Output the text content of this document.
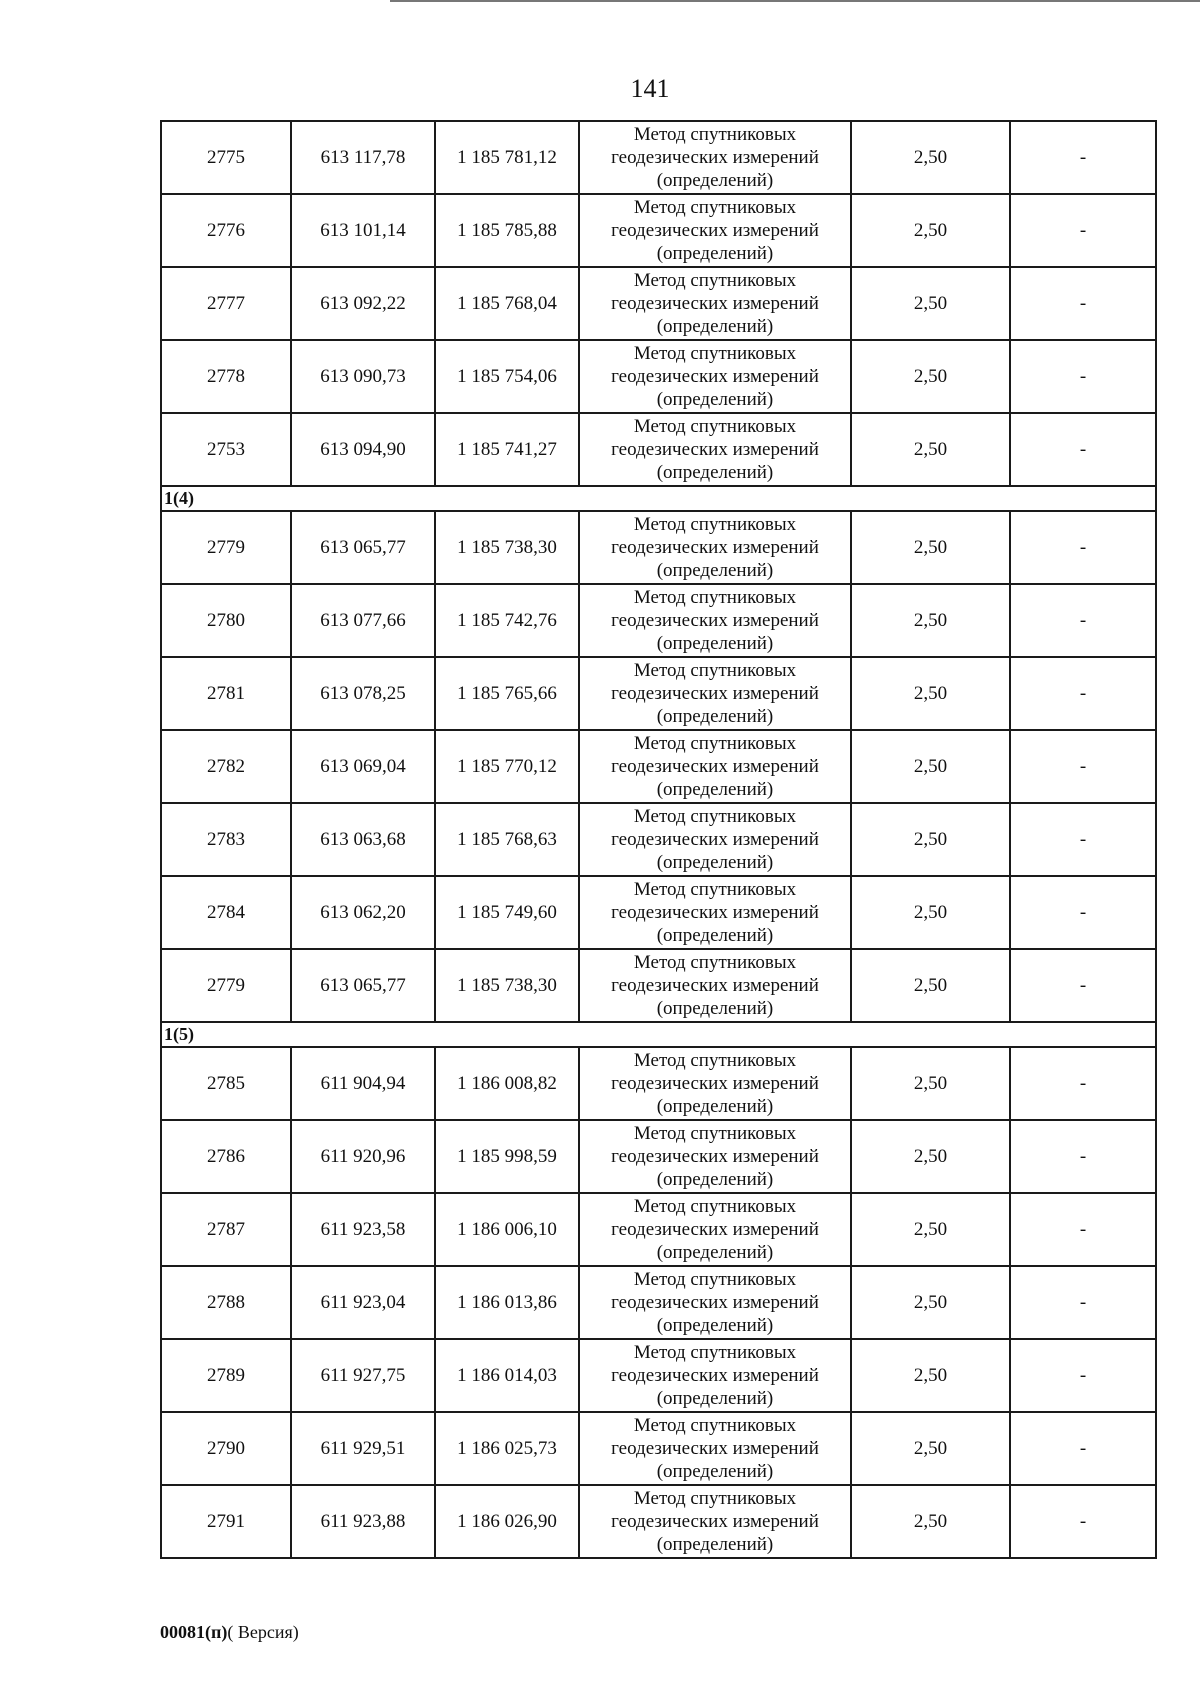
141
2775	613 117,78	1 185 781,12	Метод спутниковых геодезических измерений (определений)	2,50	-
2776	613 101,14	1 185 785,88	Метод спутниковых геодезических измерений (определений)	2,50	-
2777	613 092,22	1 185 768,04	Метод спутниковых геодезических измерений (определений)	2,50	-
2778	613 090,73	1 185 754,06	Метод спутниковых геодезических измерений (определений)	2,50	-
2753	613 094,90	1 185 741,27	Метод спутниковых геодезических измерений (определений)	2,50	-
1(4)					
2779	613 065,77	1 185 738,30	Метод спутниковых геодезических измерений (определений)	2,50	-
2780	613 077,66	1 185 742,76	Метод спутниковых геодезических измерений (определений)	2,50	-
2781	613 078,25	1 185 765,66	Метод спутниковых геодезических измерений (определений)	2,50	-
2782	613 069,04	1 185 770,12	Метод спутниковых геодезических измерений (определений)	2,50	-
2783	613 063,68	1 185 768,63	Метод спутниковых геодезических измерений (определений)	2,50	-
2784	613 062,20	1 185 749,60	Метод спутниковых геодезических измерений (определений)	2,50	-
2779	613 065,77	1 185 738,30	Метод спутниковых геодезических измерений (определений)	2,50	-
1(5)					
2785	611 904,94	1 186 008,82	Метод спутниковых геодезических измерений (определений)	2,50	-
2786	611 920,96	1 185 998,59	Метод спутниковых геодезических измерений (определений)	2,50	-
2787	611 923,58	1 186 006,10	Метод спутниковых геодезических измерений (определений)	2,50	-
2788	611 923,04	1 186 013,86	Метод спутниковых геодезических измерений (определений)	2,50	-
2789	611 927,75	1 186 014,03	Метод спутниковых геодезических измерений (определений)	2,50	-
2790	611 929,51	1 186 025,73	Метод спутниковых геодезических измерений (определений)	2,50	-
2791	611 923,88	1 186 026,90	Метод спутниковых геодезических измерений (определений)	2,50	-
00081(п)( Версия)
